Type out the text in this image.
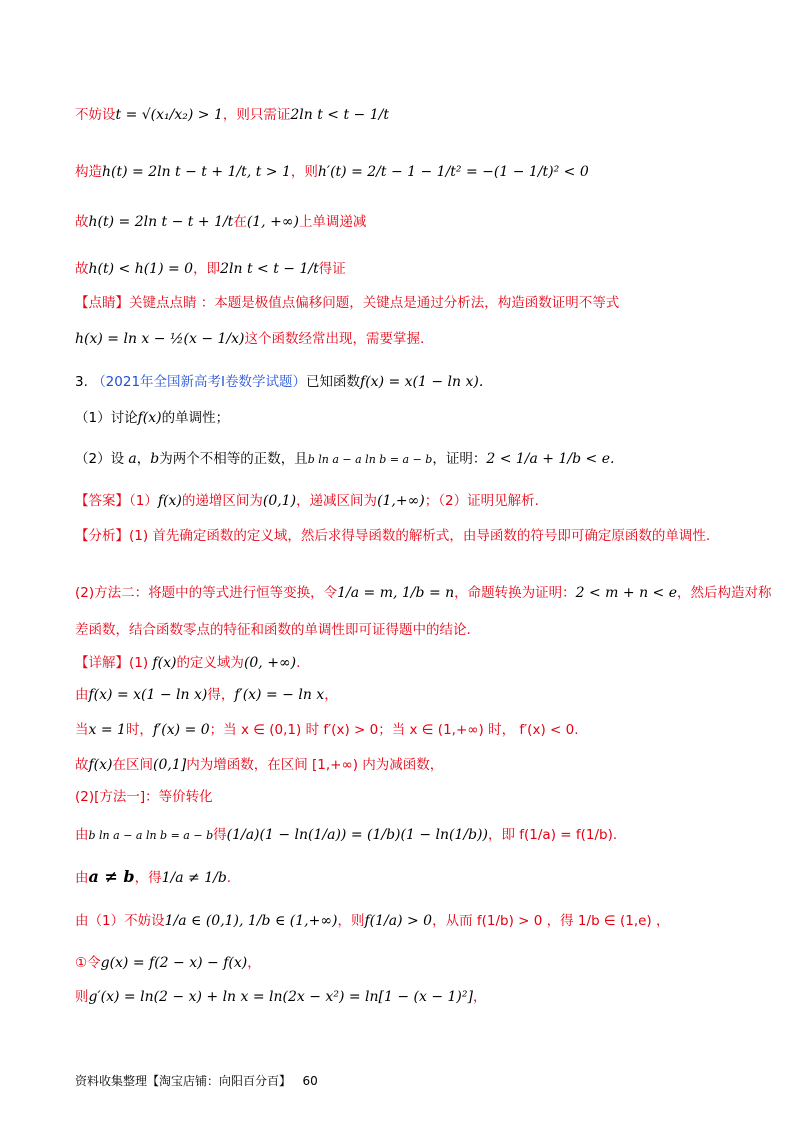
不妨设t = √(x₁/x₂) > 1，则只需证2ln t < t − 1/t
构造h(t) = 2ln t − t + 1/t, t > 1，则h′(t) = 2/t − 1 − 1/t² = −(1 − 1/t)² < 0
故h(t) = 2ln t − t + 1/t在(1, +∞)上单调递减
故h(t) < h(1) = 0，即2ln t < t − 1/t得证
【点睛】关键点点睛 ：本题是极值点偏移问题，关键点是通过分析法，构造函数证明不等式
h(x) = ln x − ½(x − 1/x)这个函数经常出现，需要掌握.
3. （2021年全国新高考Ⅰ卷数学试题）已知函数f(x) = x(1 − ln x).
（1）讨论f(x)的单调性；
（2）设 a，b为两个不相等的正数，且b ln a − a ln b = a − b，证明：2 < 1/a + 1/b < e.
【答案】（1）f(x)的递增区间为(0,1)，递减区间为(1,+∞)；（2）证明见解析.
【分析】(1) 首先确定函数的定义域，然后求得导函数的解析式，由导函数的符号即可确定原函数的单调性.
(2)方法二：将题中的等式进行恒等变换，令1/a = m, 1/b = n，命题转换为证明：2 < m + n < e，然后构造对称
差函数，结合函数零点的特征和函数的单调性即可证得题中的结论.
【详解】(1) f(x)的定义域为(0, +∞).
由f(x) = x(1 − ln x)得，f′(x) = − ln x，
当x = 1时，f′(x) = 0；当 x ∈ (0,1) 时 f′(x) > 0；当 x ∈ (1,+∞) 时， f′(x) < 0.
故f(x)在区间(0,1]内为增函数，在区间 [1,+∞) 内为减函数，
(2)[方法一]：等价转化
由b ln a − a ln b = a − b得(1/a)(1 − ln(1/a)) = (1/b)(1 − ln(1/b))，即 f(1/a) = f(1/b).
由a ≠ b，得1/a ≠ 1/b.
由（1）不妨设1/a ∈ (0,1), 1/b ∈ (1,+∞)，则f(1/a) > 0，从而 f(1/b) > 0 ，得 1/b ∈ (1,e) ，
①令g(x) = f(2 − x) − f(x)，
则g′(x) = ln(2 − x) + ln x = ln(2x − x²) = ln[1 − (x − 1)²]，
资料收集整理【淘宝店铺：向阳百分百】 60
